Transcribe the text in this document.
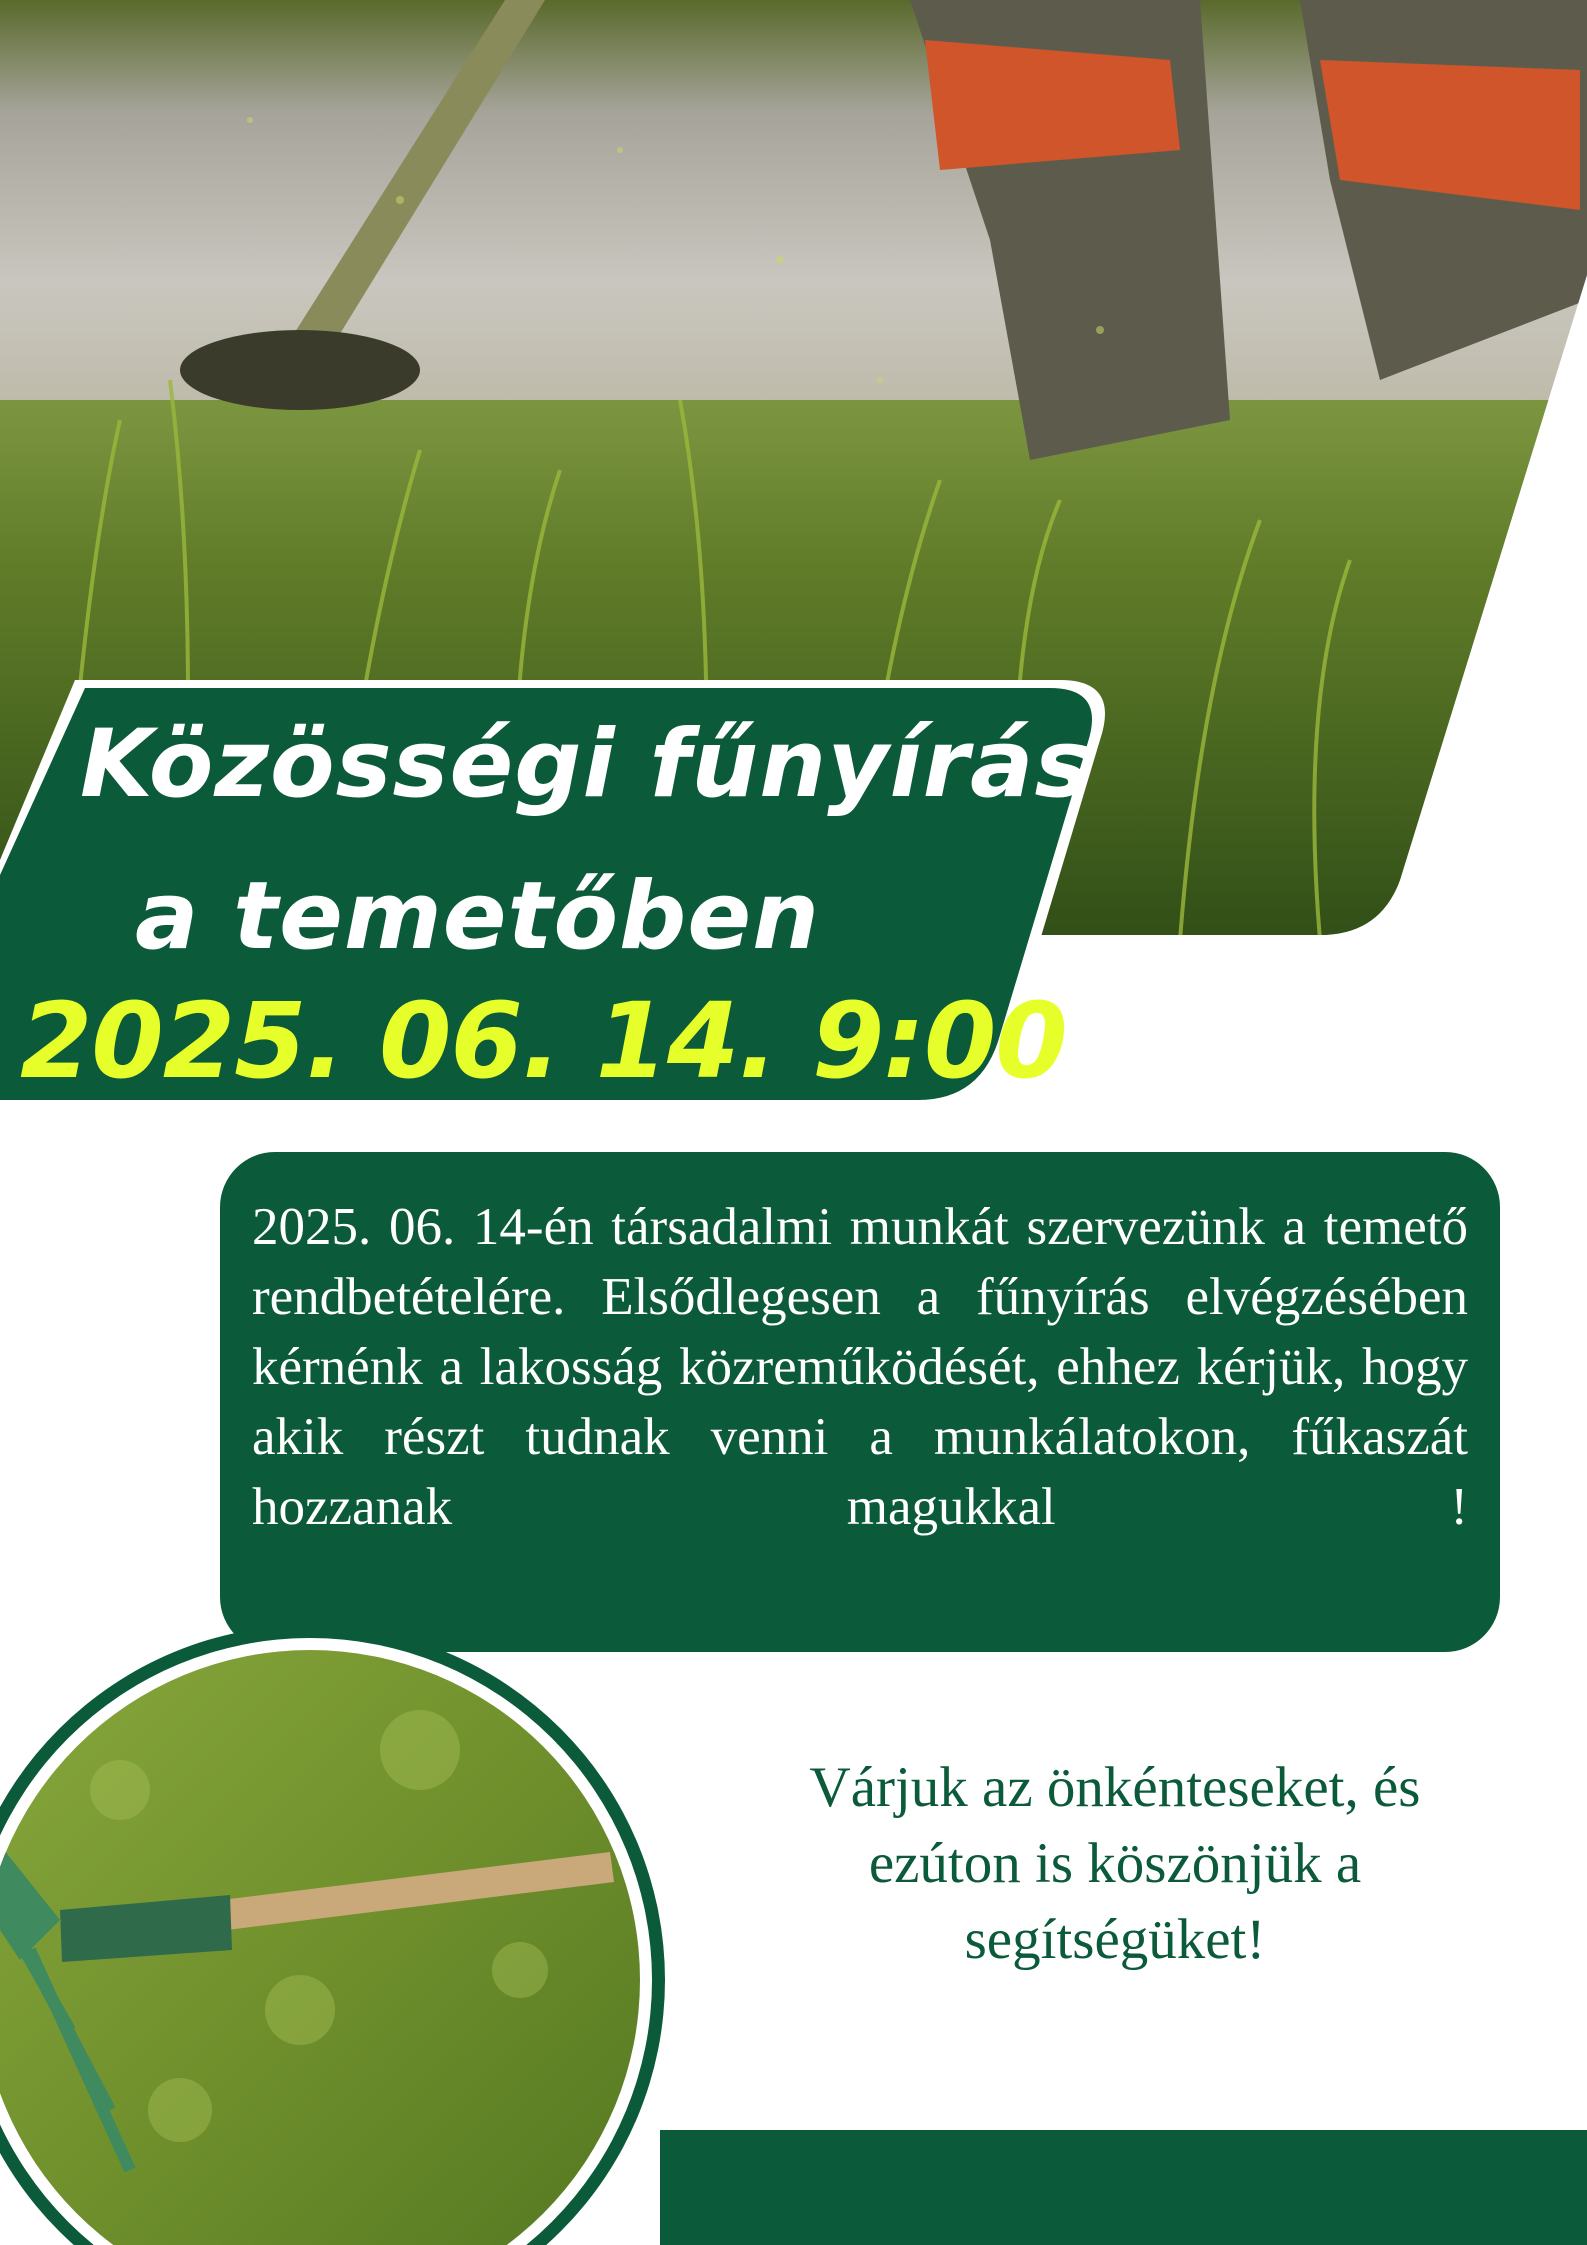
Közösségi fűnyírás
a temetőben
2025. 06. 14. 9:00
2025. 06. 14-én társadalmi munkát szervezünk a temető rendbetételére. Elsődlegesen a fűnyírás elvégzésében kérnénk a lakosság közreműködését, ehhez kérjük, hogy akik részt tudnak venni a munkálatokon, fűkaszát hozzanak magukkal !
Várjuk az önkénteseket, és
ezúton is köszönjük a
segítségüket!
